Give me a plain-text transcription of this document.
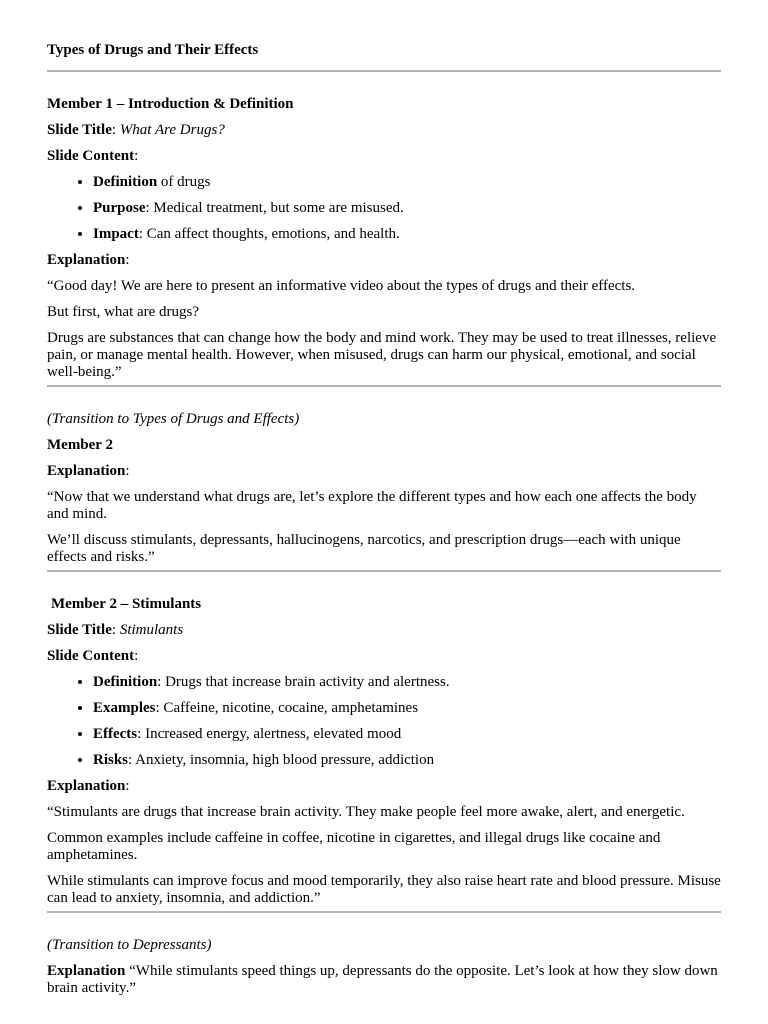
Types of Drugs and Their Effects

Member 1 – Introduction & Definition

Slide Title: What Are Drugs?

Slide Content:

• Definition of drugs
• Purpose: Medical treatment, but some are misused.
• Impact: Can affect thoughts, emotions, and health.

Explanation:

“Good day! We are here to present an informative video about the types of drugs and their effects.

But first, what are drugs?

Drugs are substances that can change how the body and mind work. They may be used to treat illnesses, relieve pain, or manage mental health. However, when misused, drugs can harm our physical, emotional, and social well-being.”

(Transition to Types of Drugs and Effects)

Member 2

Explanation:

“Now that we understand what drugs are, let’s explore the different types and how each one affects the body and mind.

We’ll discuss stimulants, depressants, hallucinogens, narcotics, and prescription drugs—each with unique effects and risks.”

Member 2 – Stimulants

Slide Title: Stimulants

Slide Content:

• Definition: Drugs that increase brain activity and alertness.
• Examples: Caffeine, nicotine, cocaine, amphetamines
• Effects: Increased energy, alertness, elevated mood
• Risks: Anxiety, insomnia, high blood pressure, addiction

Explanation:

“Stimulants are drugs that increase brain activity. They make people feel more awake, alert, and energetic.

Common examples include caffeine in coffee, nicotine in cigarettes, and illegal drugs like cocaine and amphetamines.

While stimulants can improve focus and mood temporarily, they also raise heart rate and blood pressure. Misuse can lead to anxiety, insomnia, and addiction.”

(Transition to Depressants)

Explanation “While stimulants speed things up, depressants do the opposite. Let’s look at how they slow down brain activity.”
